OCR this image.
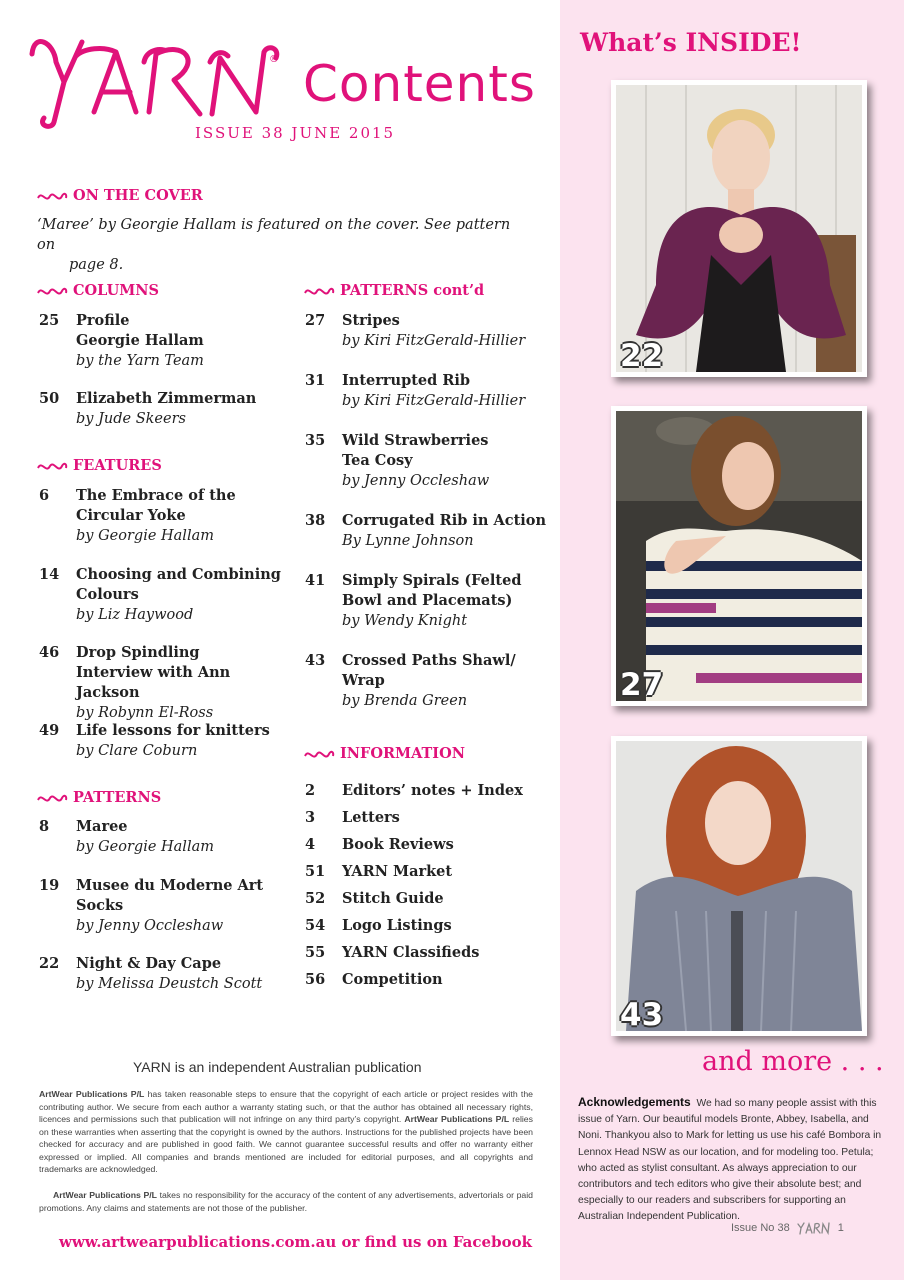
® Contents
ISSUE 38 JUNE 2015
ON THE COVER
‘Maree’ by Georgie Hallam is featured on the cover. See pattern on
page 8.
COLUMNS
25	Profile
Georgie Hallam
by the Yarn Team
50	Elizabeth Zimmerman
by Jude Skeers
FEATURES
6	The Embrace of the Circular Yoke
by Georgie Hallam
14	Choosing and Combining Colours
by Liz Haywood
46	Drop Spindling Interview with Ann Jackson
by Robynn El-Ross
49	Life lessons for knitters
by Clare Coburn
PATTERNS
8	Maree
by Georgie Hallam
19	Musee du Moderne Art Socks
by Jenny Occleshaw
22	Night & Day Cape
by Melissa Deustch Scott
PATTERNS cont’d
27	Stripes
by Kiri FitzGerald-Hillier
31	Interrupted Rib
by Kiri FitzGerald-Hillier
35	Wild Strawberries Tea Cosy
by Jenny Occleshaw
38	Corrugated Rib in Action
By Lynne Johnson
41	Simply Spirals (Felted Bowl and Placemats)
by Wendy Knight
43	Crossed Paths Shawl/ Wrap
by Brenda Green
INFORMATION
2	Editors’ notes + Index
3	Letters
4	Book Reviews
51	YARN Market
52	Stitch Guide
54	Logo Listings
55	YARN Classifieds
56	Competition
What’s INSIDE!
22
27
43
and more . . .
Acknowledgements We had so many people assist with this issue of Yarn. Our beautiful models Bronte, Abbey, Isabella, and Noni. Thankyou also to Mark for letting us use his café Bombora in Lennox Head NSW as our location, and for modeling too. Petula; who acted as stylist consultant. As always appreciation to our contributors and tech editors who give their absolute best; and especially to our readers and subscribers for supporting an Australian Independent Publication.
Issue No 38	1
YARN is an independent Australian publication
ArtWear Publications P/L has taken reasonable steps to ensure that the copyright of each article or project resides with the contributing author. We secure from each author a warranty stating such, or that the author has obtained all necessary rights, licences and permissions such that publication will not infringe on any third party’s copyright. ArtWear Publications P/L relies on these warranties when asserting that the copyright is owned by the authors. Instructions for the published projects have been checked for accuracy and are published in good faith. We cannot guarantee successful results and offer no warranty either expressed or implied. All companies and brands mentioned are included for editorial purposes, and all copyrights and trademarks are acknowledged.
ArtWear Publications P/L takes no responsibility for the accuracy of the content of any advertisements, advertorials or paid promotions. Any claims and statements are not those of the publisher.
www.artwearpublications.com.au or find us on Facebook
